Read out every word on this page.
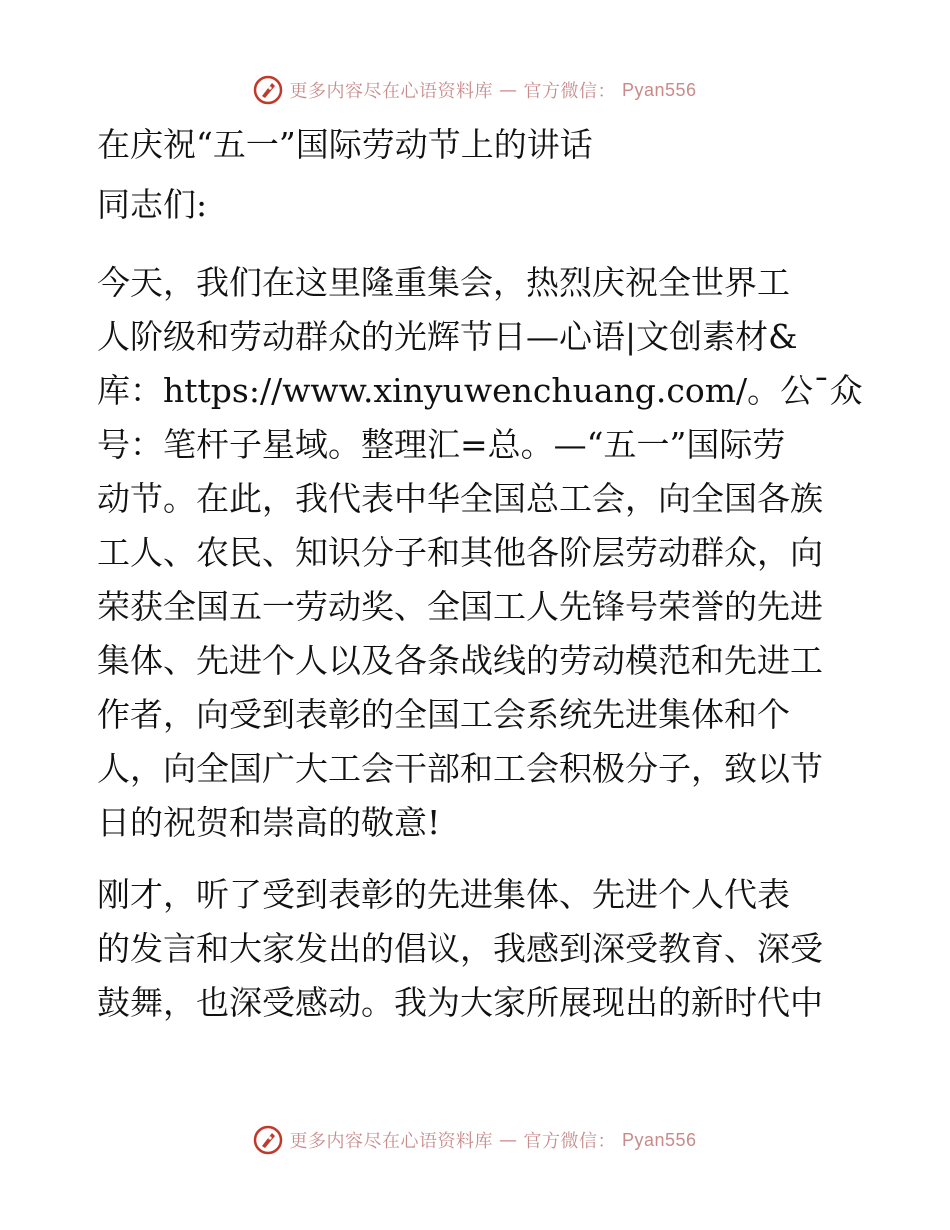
更多内容尽在心语资料库 — 官方微信： Pyan556
在庆祝“五一”国际劳动节上的讲话
同志们:
今天，我们在这里隆重集会，热烈庆祝全世界工
人阶级和劳动群众的光辉节日—心语|文创素材&
库：https://www.xinyuwenchuang.com/。公¯众
号：笔杆子星域。整理汇=总。—“五一”国际劳
动节。在此，我代表中华全国总工会，向全国各族
工人、农民、知识分子和其他各阶层劳动群众，向
荣获全国五一劳动奖、全国工人先锋号荣誉的先进
集体、先进个人以及各条战线的劳动模范和先进工
作者，向受到表彰的全国工会系统先进集体和个
人，向全国广大工会干部和工会积极分子，致以节
日的祝贺和崇高的敬意!
刚才，听了受到表彰的先进集体、先进个人代表
的发言和大家发出的倡议，我感到深受教育、深受
鼓舞，也深受感动。我为大家所展现出的新时代中
更多内容尽在心语资料库 — 官方微信： Pyan556
